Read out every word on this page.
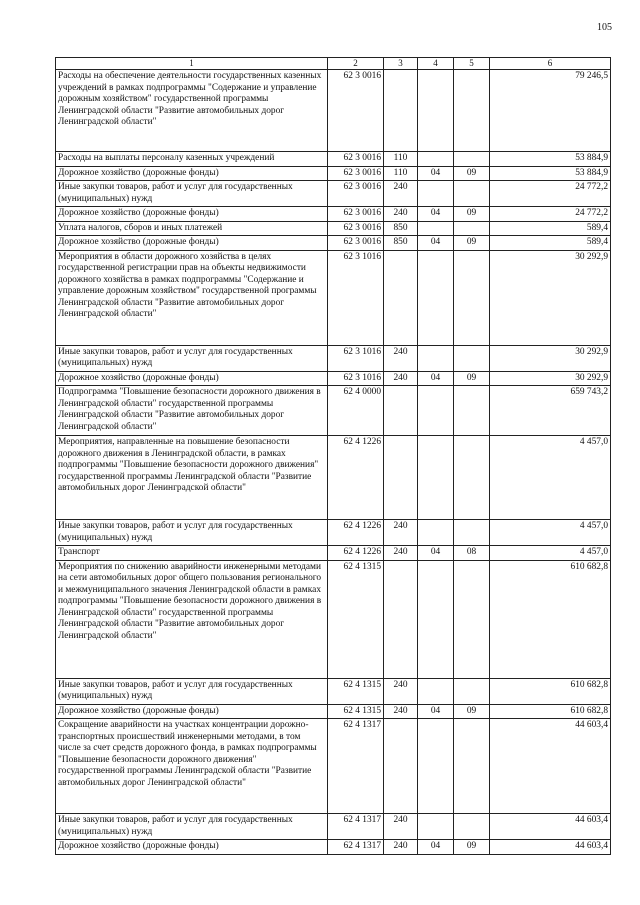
105
1	2	3	4	5	6
Расходы на обеспечение деятельности государственных казенных учреждений в рамках подпрограммы "Содержание и управление дорожным хозяйством" государственной программы Ленинградской области "Развитие автомобильных дорог Ленинградской области"	62 3 0016				79 246,5
Расходы на выплаты персоналу казенных учреждений	62 3 0016	110			53 884,9
Дорожное хозяйство (дорожные фонды)	62 3 0016	110	04	09	53 884,9
Иные закупки товаров, работ и услуг для государственных (муниципальных) нужд	62 3 0016	240			24 772,2
Дорожное хозяйство (дорожные фонды)	62 3 0016	240	04	09	24 772,2
Уплата налогов, сборов и иных платежей	62 3 0016	850			589,4
Дорожное хозяйство (дорожные фонды)	62 3 0016	850	04	09	589,4
Мероприятия в области дорожного хозяйства в целях государственной регистрации прав на объекты недвижимости дорожного хозяйства в рамках подпрограммы "Содержание и управление дорожным хозяйством" государственной программы Ленинградской области "Развитие автомобильных дорог Ленинградской области"	62 3 1016				30 292,9
Иные закупки товаров, работ и услуг для государственных (муниципальных) нужд	62 3 1016	240			30 292,9
Дорожное хозяйство (дорожные фонды)	62 3 1016	240	04	09	30 292,9
Подпрограмма "Повышение безопасности дорожного движения в Ленинградской области" государственной программы Ленинградской области "Развитие автомобильных дорог Ленинградской области"	62 4 0000				659 743,2
Мероприятия, направленные на повышение безопасности дорожного движения в Ленинградской области, в рамках подпрограммы "Повышение безопасности дорожного движения" государственной программы Ленинградской области "Развитие автомобильных дорог Ленинградской области"	62 4 1226				4 457,0
Иные закупки товаров, работ и услуг для государственных (муниципальных) нужд	62 4 1226	240			4 457,0
Транспорт	62 4 1226	240	04	08	4 457,0
Мероприятия по снижению аварийности инженерными методами на сети автомобильных дорог общего пользования регионального и межмуниципального значения Ленинградской области в рамках подпрограммы "Повышение безопасности дорожного движения в Ленинградской области" государственной программы Ленинградской области "Развитие автомобильных дорог Ленинградской области"	62 4 1315				610 682,8
Иные закупки товаров, работ и услуг для государственных (муниципальных) нужд	62 4 1315	240			610 682,8
Дорожное хозяйство (дорожные фонды)	62 4 1315	240	04	09	610 682,8
Сокращение аварийности на участках концентрации дорожно-транспортных происшествий инженерными методами, в том числе за счет средств дорожного фонда, в рамках подпрограммы "Повышение безопасности дорожного движения" государственной программы Ленинградской области "Развитие автомобильных дорог Ленинградской области"	62 4 1317				44 603,4
Иные закупки товаров, работ и услуг для государственных (муниципальных) нужд	62 4 1317	240			44 603,4
Дорожное хозяйство (дорожные фонды)	62 4 1317	240	04	09	44 603,4
